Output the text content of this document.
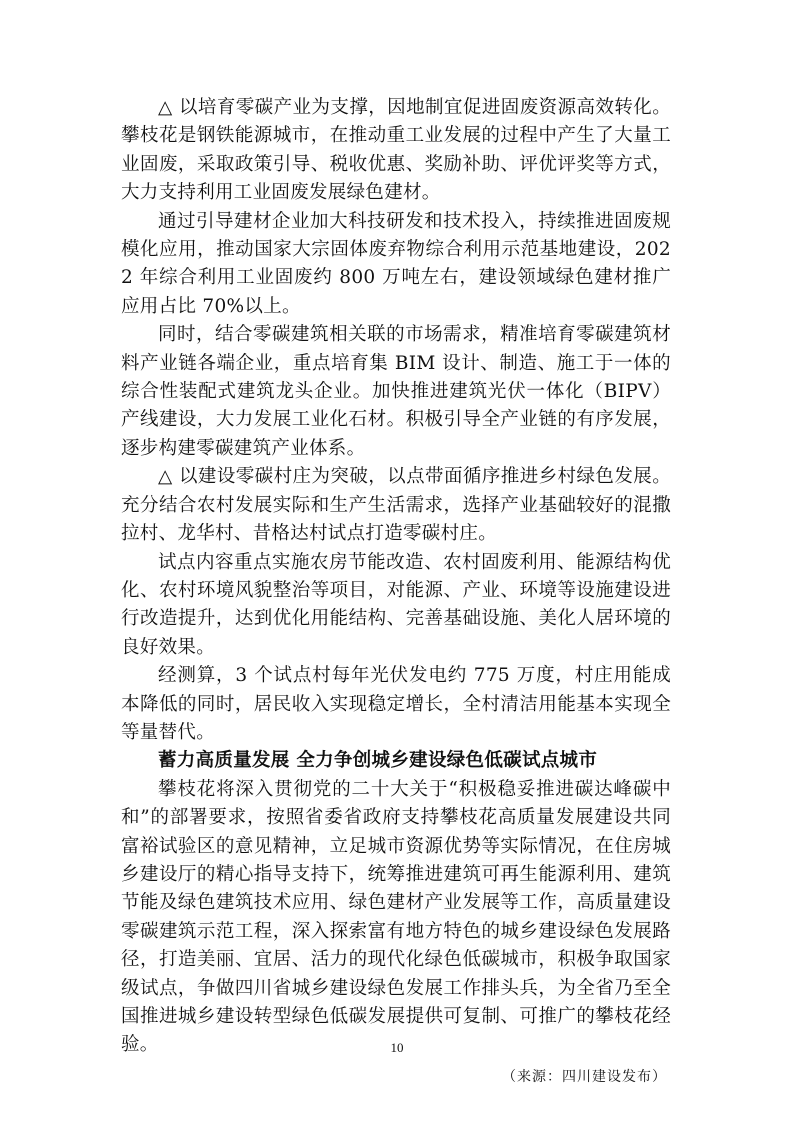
△ 以培育零碳产业为支撑，因地制宜促进固废资源高效转化。攀枝花是钢铁能源城市，在推动重工业发展的过程中产生了大量工业固废，采取政策引导、税收优惠、奖励补助、评优评奖等方式，大力支持利用工业固废发展绿色建材。

通过引导建材企业加大科技研发和技术投入，持续推进固废规模化应用，推动国家大宗固体废弃物综合利用示范基地建设，2022 年综合利用工业固废约 800 万吨左右，建设领域绿色建材推广应用占比 70%以上。

同时，结合零碳建筑相关联的市场需求，精准培育零碳建筑材料产业链各端企业，重点培育集 BIM 设计、制造、施工于一体的综合性装配式建筑龙头企业。加快推进建筑光伏一体化（BIPV）产线建设，大力发展工业化石材。积极引导全产业链的有序发展，逐步构建零碳建筑产业体系。

△ 以建设零碳村庄为突破，以点带面循序推进乡村绿色发展。充分结合农村发展实际和生产生活需求，选择产业基础较好的混撒拉村、龙华村、昔格达村试点打造零碳村庄。

试点内容重点实施农房节能改造、农村固废利用、能源结构优化、农村环境风貌整治等项目，对能源、产业、环境等设施建设进行改造提升，达到优化用能结构、完善基础设施、美化人居环境的良好效果。

经测算，3 个试点村每年光伏发电约 775 万度，村庄用能成本降低的同时，居民收入实现稳定增长，全村清洁用能基本实现全等量替代。

蓄力高质量发展 全力争创城乡建设绿色低碳试点城市

攀枝花将深入贯彻党的二十大关于“积极稳妥推进碳达峰碳中和”的部署要求，按照省委省政府支持攀枝花高质量发展建设共同富裕试验区的意见精神，立足城市资源优势等实际情况，在住房城乡建设厅的精心指导支持下，统筹推进建筑可再生能源利用、建筑节能及绿色建筑技术应用、绿色建材产业发展等工作，高质量建设零碳建筑示范工程，深入探索富有地方特色的城乡建设绿色发展路径，打造美丽、宜居、活力的现代化绿色低碳城市，积极争取国家级试点，争做四川省城乡建设绿色发展工作排头兵，为全省乃至全国推进城乡建设转型绿色低碳发展提供可复制、可推广的攀枝花经验。

（来源：四川建设发布）

10
